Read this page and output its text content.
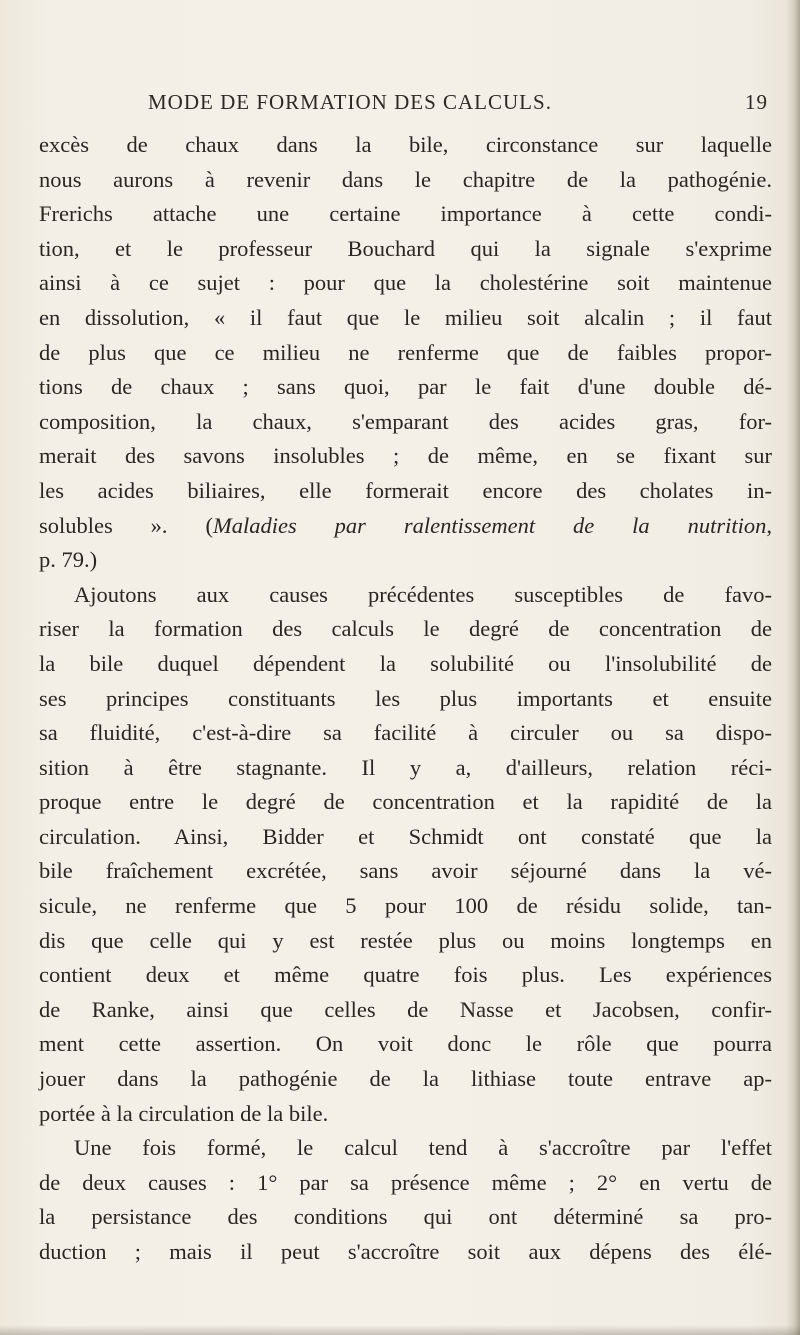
MODE DE FORMATION DES CALCULS.	19
excès de chaux dans la bile, circonstance sur laquelle
nous aurons à revenir dans le chapitre de la pathogénie.
Frerichs attache une certaine importance à cette condi-
tion, et le professeur Bouchard qui la signale s'exprime
ainsi à ce sujet : pour que la cholestérine soit maintenue
en dissolution, « il faut que le milieu soit alcalin ; il faut
de plus que ce milieu ne renferme que de faibles propor-
tions de chaux ; sans quoi, par le fait d'une double dé-
composition, la chaux, s'emparant des acides gras, for-
merait des savons insolubles ; de même, en se fixant sur
les acides biliaires, elle formerait encore des cholates in-
solubles ». (Maladies par ralentissement de la nutrition,
p. 79.)
Ajoutons aux causes précédentes susceptibles de favo-
riser la formation des calculs le degré de concentration de
la bile duquel dépendent la solubilité ou l'insolubilité de
ses principes constituants les plus importants et ensuite
sa fluidité, c'est-à-dire sa facilité à circuler ou sa dispo-
sition à être stagnante. Il y a, d'ailleurs, relation réci-
proque entre le degré de concentration et la rapidité de la
circulation. Ainsi, Bidder et Schmidt ont constaté que la
bile fraîchement excrétée, sans avoir séjourné dans la vé-
sicule, ne renferme que 5 pour 100 de résidu solide, tan-
dis que celle qui y est restée plus ou moins longtemps en
contient deux et même quatre fois plus. Les expériences
de Ranke, ainsi que celles de Nasse et Jacobsen, confir-
ment cette assertion. On voit donc le rôle que pourra
jouer dans la pathogénie de la lithiase toute entrave ap-
portée à la circulation de la bile.
Une fois formé, le calcul tend à s'accroître par l'effet
de deux causes : 1° par sa présence même ; 2° en vertu de
la persistance des conditions qui ont déterminé sa pro-
duction ; mais il peut s'accroître soit aux dépens des élé-
